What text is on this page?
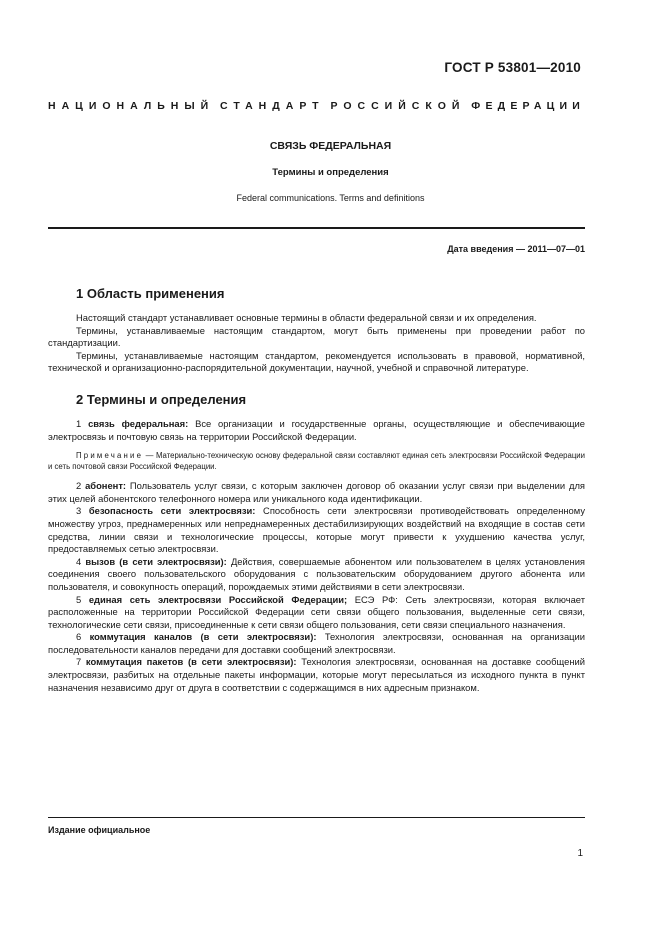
ГОСТ Р 53801—2010
НАЦИОНАЛЬНЫЙ СТАНДАРТ РОССИЙСКОЙ ФЕДЕРАЦИИ
СВЯЗЬ ФЕДЕРАЛЬНАЯ
Термины и определения
Federal communications. Terms and definitions
Дата введения — 2011—07—01
1 Область применения

Настоящий стандарт устанавливает основные термины в области федеральной связи и их определения.

Термины, устанавливаемые настоящим стандартом, могут быть применены при проведении работ по стандартизации.

Термины, устанавливаемые настоящим стандартом, рекомендуется использовать в правовой, нормативной, технической и организационно-распорядительной документации, научной, учебной и справочной литературе.

2 Термины и определения

1 связь федеральная: Все организации и государственные органы, осуществляющие и обеспечивающие электросвязь и почтовую связь на территории Российской Федерации.

Примечание — Материально-техническую основу федеральной связи составляют единая сеть электросвязи Российской Федерации и сеть почтовой связи Российской Федерации.

2 абонент: Пользователь услуг связи, с которым заключен договор об оказании услуг связи при выделении для этих целей абонентского телефонного номера или уникального кода идентификации.

3 безопасность сети электросвязи: Способность сети электросвязи противодействовать определенному множеству угроз, преднамеренных или непреднамеренных дестабилизирующих воздействий на входящие в состав сети средства, линии связи и технологические процессы, которые могут привести к ухудшению качества услуг, предоставляемых сетью электросвязи.

4 вызов (в сети электросвязи): Действия, совершаемые абонентом или пользователем в целях установления соединения своего пользовательского оборудования с пользовательским оборудованием другого абонента или пользователя, и совокупность операций, порождаемых этими действиями в сети электросвязи.

5 единая сеть электросвязи Российской Федерации; ЕСЭ РФ: Сеть электросвязи, которая включает расположенные на территории Российской Федерации сети связи общего пользования, выделенные сети связи, технологические сети связи, присоединенные к сети связи общего пользования, сети связи специального назначения.

6 коммутация каналов (в сети электросвязи): Технология электросвязи, основанная на организации последовательности каналов передачи для доставки сообщений электросвязи.

7 коммутация пакетов (в сети электросвязи): Технология электросвязи, основанная на доставке сообщений электросвязи, разбитых на отдельные пакеты информации, которые могут пересылаться из исходного пункта в пункт назначения независимо друг от друга в соответствии с содержащимся в них адресным признаком.

Издание официальное
1
